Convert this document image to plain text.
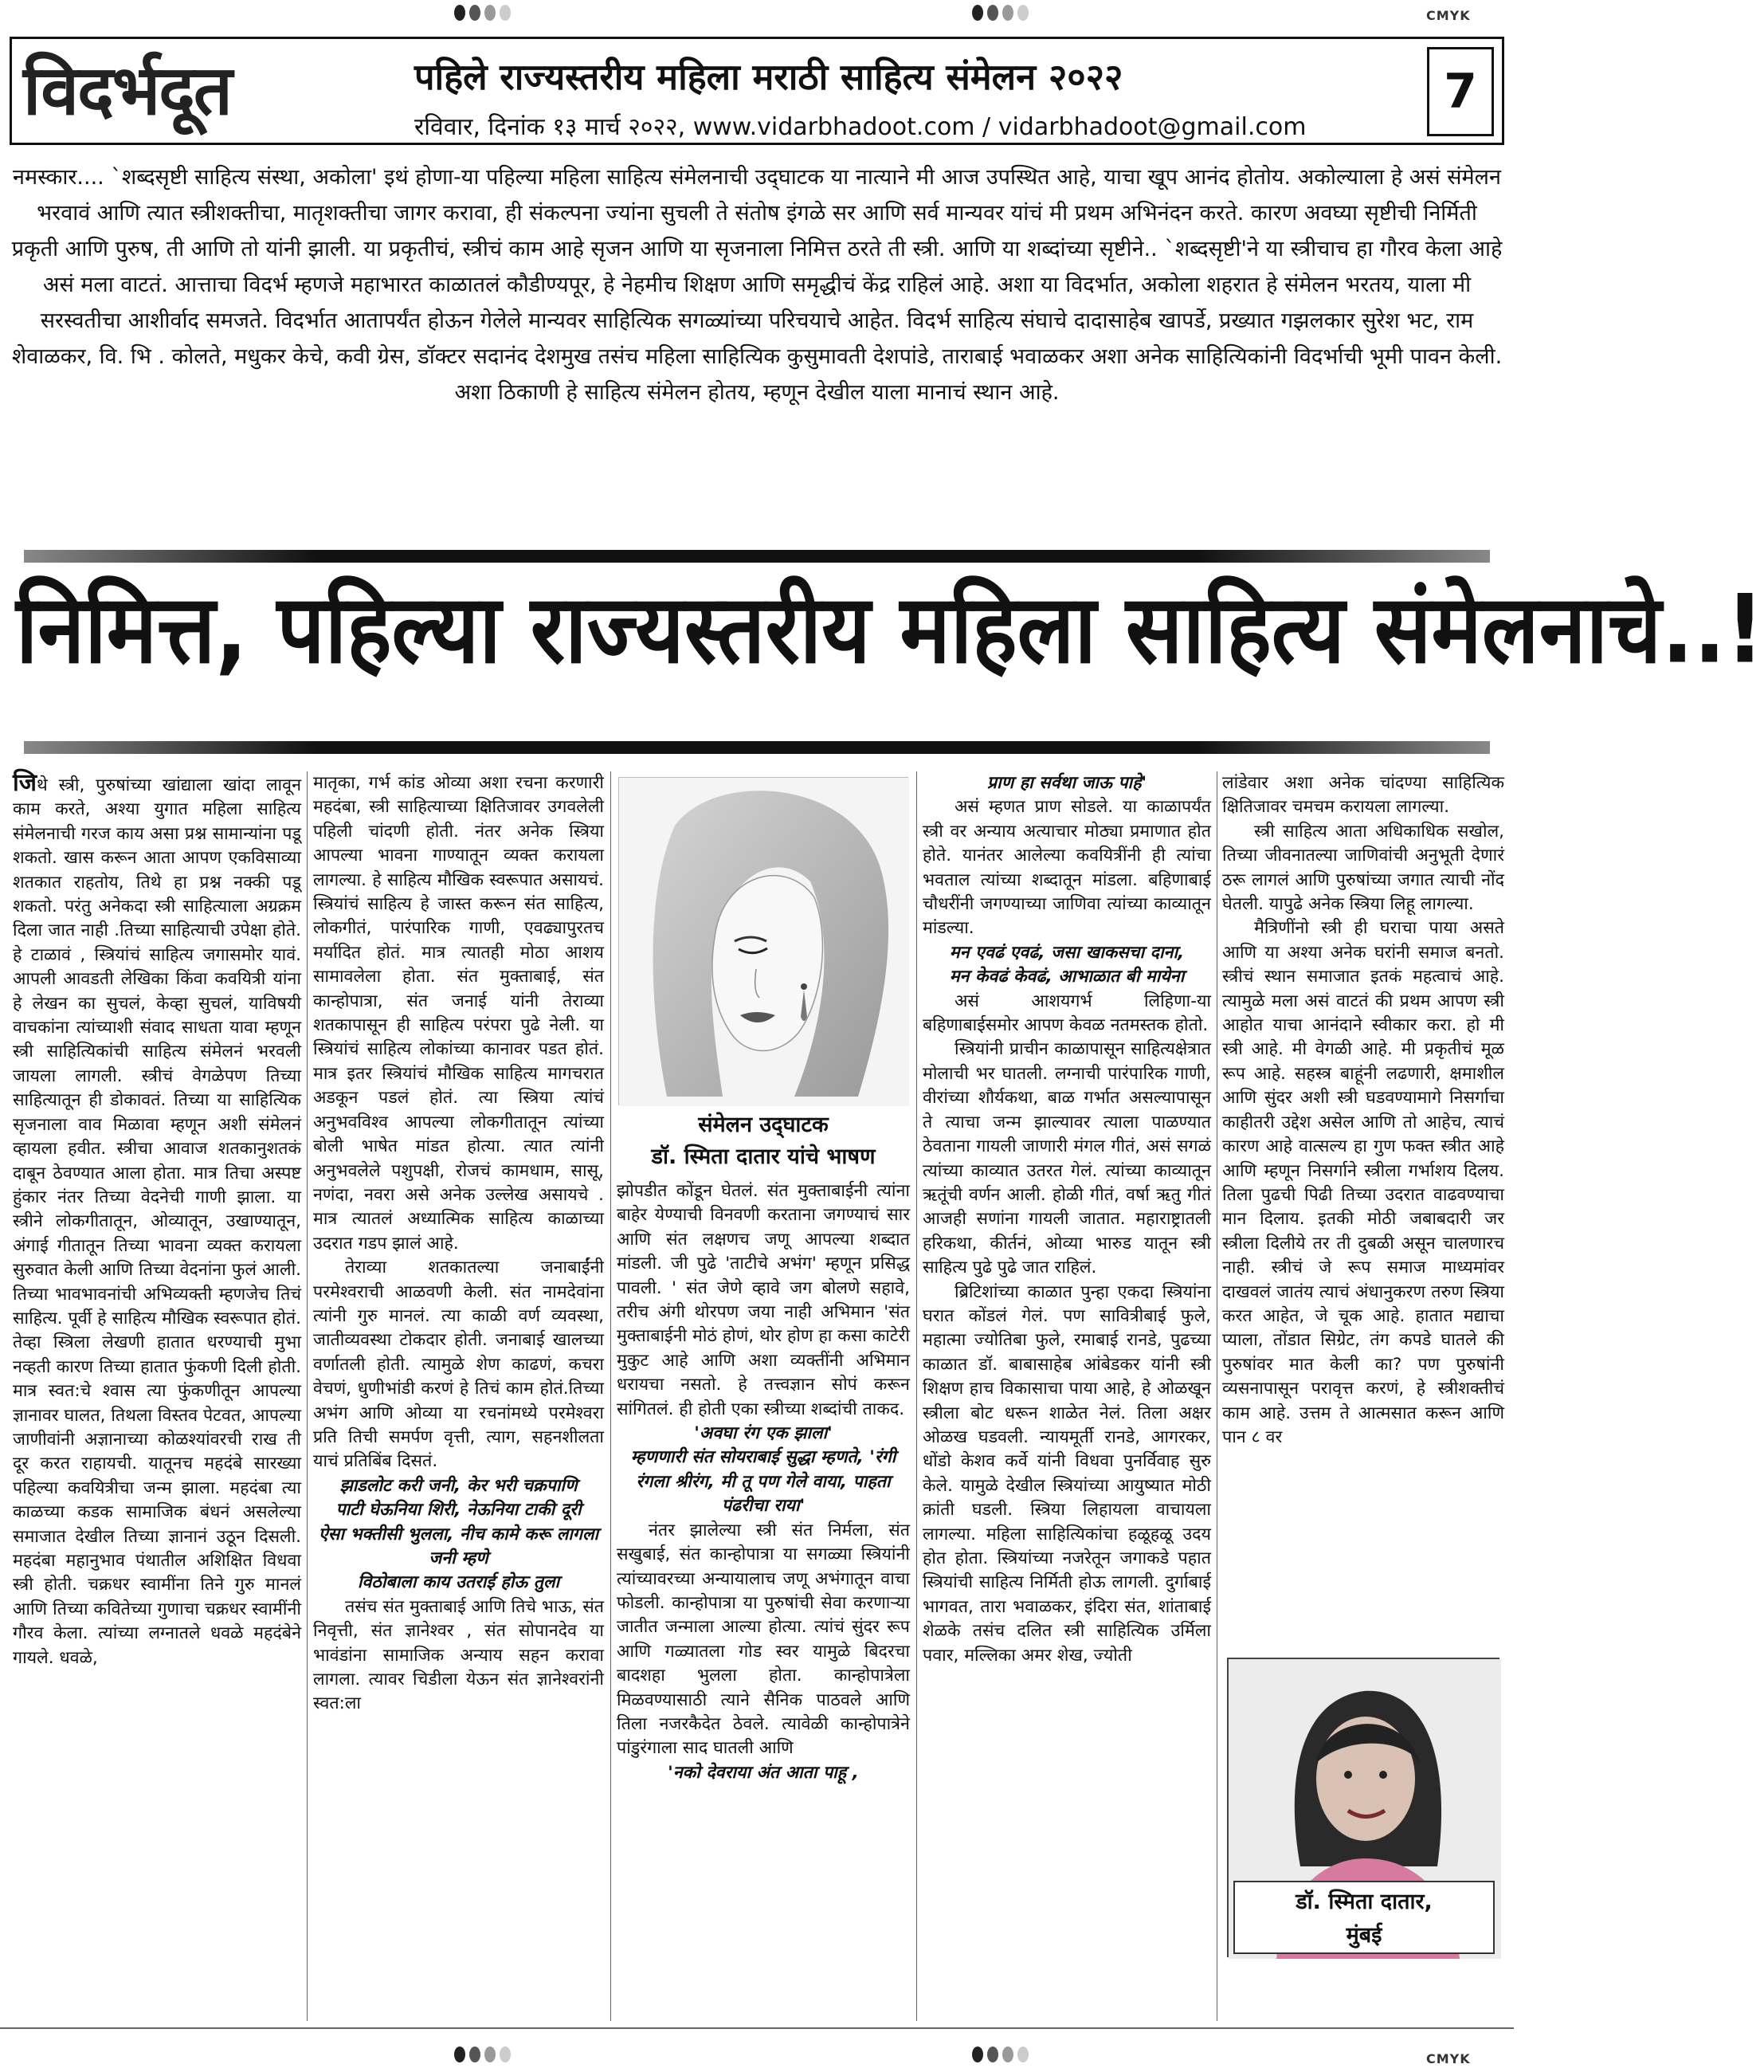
CMYK
विदर्भदूत	पहिले राज्यस्तरीय महिला मराठी साहित्य संमेलन २०२२
रविवार, दिनांक १३ मार्च २०२२, www.vidarbhadoot.com / vidarbhadoot@gmail.com
7
नमस्कार.... `शब्दसृष्टी साहित्य संस्था, अकोला' इथं होणा-या पहिल्या महिला साहित्य संमेलनाची उद्‌घाटक या नात्याने मी आज उपस्थित आहे, याचा खूप आनंद होतोय. अकोल्याला हे असं संमेलन भरवावं आणि त्यात स्त्रीशक्तीचा, मातृशक्तीचा जागर करावा, ही संकल्पना ज्यांना सुचली ते संतोष इंगळे सर आणि सर्व मान्यवर यांचं मी प्रथम अभिनंदन करते. कारण अवघ्या सृष्टीची निर्मिती प्रकृती आणि पुरुष, ती आणि तो यांनी झाली. या प्रकृतीचं, स्त्रीचं काम आहे सृजन आणि या सृजनाला निमित्त ठरते ती स्त्री. आणि या शब्दांच्या सृष्टीने.. `शब्दसृष्टी'ने या स्त्रीचाच हा गौरव केला आहे असं मला वाटतं. आत्ताचा विदर्भ म्हणजे महाभारत काळातलं कौडीण्यपूर, हे नेहमीच शिक्षण आणि समृद्धीचं केंद्र राहिलं आहे. अशा या विदर्भात, अकोला शहरात हे संमेलन भरतय, याला मी सरस्वतीचा आशीर्वाद समजते. विदर्भात आतापर्यंत होऊन गेलेले मान्यवर साहित्यिक सगळ्यांच्या परिचयाचे आहेत. विदर्भ साहित्य संघाचे दादासाहेब खापर्डे, प्रख्यात गझलकार सुरेश भट, राम शेवाळकर, वि. भि . कोलते, मधुकर केचे, कवी ग्रेस, डॉक्टर सदानंद देशमुख तसंच महिला साहित्यिक कुसुमावती देशपांडे, ताराबाई भवाळकर अशा अनेक साहित्यिकांनी विदर्भाची भूमी पावन केली. अशा ठिकाणी हे साहित्य संमेलन होतय, म्हणून देखील याला मानाचं स्थान आहे.
निमित्त, पहिल्या राज्यस्तरीय महिला साहित्य संमेलनाचे..!

जिथे स्त्री, पुरुषांच्या खांद्याला खांदा लावून काम करते, अश्या युगात महिला साहित्य संमेलनाची गरज काय असा प्रश्न सामान्यांना पडू शकतो. खास करून आता आपण एकविसाव्या शतकात राहतोय, तिथे हा प्रश्न नक्की पडू शकतो. परंतु अनेकदा स्त्री साहित्याला अग्रक्रम दिला जात नाही .तिच्या साहित्याची उपेक्षा होते. हे टाळावं , स्त्रियांचं साहित्य जगासमोर यावं. आपली आवडती लेखिका किंवा कवयित्री यांना हे लेखन का सुचलं, केव्हा सुचलं, याविषयी वाचकांना त्यांच्याशी संवाद साधता यावा म्हणून स्त्री साहित्यिकांची साहित्य संमेलनं भरवली जायला लागली. स्त्रीचं वेगळेपण तिच्या साहित्यातून ही डोकावतं. तिच्या या साहित्यिक सृजनाला वाव मिळावा म्हणून अशी संमेलनं व्हायला हवीत. स्त्रीचा आवाज शतकानुशतकं दाबून ठेवण्यात आला होता. मात्र तिचा अस्पष्ट हुंकार नंतर तिच्या वेदनेची गाणी झाला. या स्त्रीने लोकगीतातून, ओव्यातून, उखाण्यातून, अंगाई गीतातून तिच्या भावना व्यक्त करायला सुरुवात केली आणि तिच्या वेदनांना फुलं आली. तिच्या भावभावनांची अभिव्यक्ती म्हणजेच तिचं साहित्य. पूर्वी हे साहित्य मौखिक स्वरूपात होतं. तेव्हा स्त्रिला लेखणी हातात धरण्याची मुभा नव्हती कारण तिच्या हातात फुंकणी दिली होती. मात्र स्वत:चे श्वास त्या फुंकणीतून आपल्या ज्ञानावर घालत, तिथला विस्तव पेटवत, आपल्या जाणीवांनी अज्ञानाच्या कोळश्यांवरची राख ती दूर करत राहायची. यातूनच महदंबे सारख्या पहिल्या कवयित्रीचा जन्म झाला. महदंबा त्या काळच्या कडक सामाजिक बंधनं असलेल्या समाजात देखील तिच्या ज्ञानानं उठून दिसली. महदंबा महानुभाव पंथातील अशिक्षित विधवा स्त्री होती. चक्रधर स्वामींना तिने गुरु मानलं आणि तिच्या कवितेच्या गुणाचा चक्रधर स्वामींनी गौरव केला. त्यांच्या लग्नातले धवळे महदंबेने गायले. धवळे,

मातृका, गर्भ कांड ओव्या अशा रचना करणारी महदंबा, स्त्री साहित्याच्या क्षितिजावर उगवलेली पहिली चांदणी होती. नंतर अनेक स्त्रिया आपल्या भावना गाण्यातून व्यक्त करायला लागल्या. हे साहित्य मौखिक स्वरूपात असायचं. स्त्रियांचं साहित्य हे जास्त करून संत साहित्य, लोकगीतं, पारंपारिक गाणी, एवढ्यापुरतच मर्यादित होतं. मात्र त्यातही मोठा आशय सामावलेला होता. संत मुक्ताबाई, संत कान्होपात्रा, संत जनाई यांनी तेराव्या शतकापासून ही साहित्य परंपरा पुढे नेली. या स्त्रियांचं साहित्य लोकांच्या कानावर पडत होतं. मात्र इतर स्त्रियांचं मौखिक साहित्य मागचरात अडकून पडलं होतं. त्या स्त्रिया त्यांचं अनुभवविश्व आपल्या लोकगीतातून त्यांच्या बोली भाषेत मांडत होत्या. त्यात त्यांनी अनुभवलेले पशुपक्षी, रोजचं कामधाम, सासू, नणंदा, नवरा असे अनेक उल्लेख असायचे . मात्र त्यातलं अध्यात्मिक साहित्य काळाच्या उदरात गडप झालं आहे.

तेराव्या शतकातल्या जनाबाईंनी परमेश्वराची आळवणी केली. संत नामदेवांना त्यांनी गुरु मानलं. त्या काळी वर्ण व्यवस्था, जातीव्यवस्था टोकदार होती. जनाबाई खालच्या वर्णातली होती. त्यामुळे शेण काढणं, कचरा वेचणं, धुणीभांडी करणं हे तिचं काम होतं.तिच्या अभंग आणि ओव्या या रचनांमध्ये परमेश्वरा प्रति तिची समर्पण वृत्ती, त्याग, सहनशीलता याचं प्रतिबिंब दिसतं.

झाडलोट करी जनी, केर भरी चक्रपाणि

पाटी घेऊनिया शिरी, नेऊनिया टाकी दूरी

ऐसा भक्तीसी भुलला, नीच कामे करू लागला जनी म्हणे

विठोबाला काय उतराई होऊ तुला

तसंच संत मुक्ताबाई आणि तिचे भाऊ, संत निवृत्ती, संत ज्ञानेश्वर , संत सोपानदेव या भावंडांना सामाजिक अन्याय सहन करावा लागला. त्यावर चिडीला येऊन संत ज्ञानेश्वरांनी स्वत:ला

संमेलन उद्‌घाटक
डॉ. स्मिता दातार यांचे भाषण

झोपडीत कोंडून घेतलं. संत मुक्ताबाईनी त्यांना बाहेर येण्याची विनवणी करताना जगण्याचं सार आणि संत लक्षणच जणू आपल्या शब्दात मांडली. जी पुढे 'ताटीचे अभंग' म्हणून प्रसिद्ध पावली. ' संत जेणे व्हावे जग बोलणे सहावे, तरीच अंगी थोरपण जया नाही अभिमान 'संत मुक्ताबाईनी मोठं होणं, थोर होण हा कसा काटेरी मुकुट आहे आणि अशा व्यक्तींनी अभिमान धरायचा नसतो. हे तत्त्वज्ञान सोपं करून सांगितलं. ही होती एका स्त्रीच्या शब्दांची ताकद.

'अवघा रंग एक झाला'

म्हणणारी संत सोयराबाई सुद्धा म्हणते, 'रंगी रंगला श्रीरंग, मी तू पण गेले वाया, पाहता पंढरीचा राया'

नंतर झालेल्या स्त्री संत निर्मला, संत सखुबाई, संत कान्होपात्रा या सगळ्या स्त्रियांनी त्यांच्यावरच्या अन्यायालाच जणू अभंगातून वाचा फोडली. कान्होपात्रा या पुरुषांची सेवा करणाऱ्या जातीत जन्माला आल्या होत्या. त्यांचं सुंदर रूप आणि गळ्यातला गोड स्वर यामुळे बिदरचा बादशहा भुलला होता. कान्होपात्रेला मिळवण्यासाठी त्याने सैनिक पाठवले आणि तिला नजरकैदेत ठेवले. त्यावेळी कान्होपात्रेने पांडुरंगाला साद घातली आणि

'नको देवराया अंत आता पाहू ,

प्राण हा सर्वथा जाऊ पाहे'

असं म्हणत प्राण सोडले. या काळापर्यंत स्त्री वर अन्याय अत्याचार मोठ्या प्रमाणात होत होते. यानंतर आलेल्या कवयित्रींनी ही त्यांचा भवताल त्यांच्या शब्दातून मांडला. बहिणाबाई चौधरींनी जगण्याच्या जाणिवा त्यांच्या काव्यातून मांडल्या.

मन एवढं एवढं, जसा खाकसचा दाना,

मन केवढं केवढं, आभाळात बी मायेना

असं आशयगर्भ लिहिणा-या बहिणाबाईसमोर आपण केवळ नतमस्तक होतो.

स्त्रियांनी प्राचीन काळापासून साहित्यक्षेत्रात मोलाची भर घातली. लग्नाची पारंपारिक गाणी, वीरांच्या शौर्यकथा, बाळ गर्भात असल्यापासून ते त्याचा जन्म झाल्यावर त्याला पाळण्यात ठेवताना गायली जाणारी मंगल गीतं, असं सगळं त्यांच्या काव्यात उतरत गेलं. त्यांच्या काव्यातून ऋतूंची वर्णन आली. होळी गीतं, वर्षा ऋतु गीतं आजही सणांना गायली जातात. महाराष्ट्रातली हरिकथा, कीर्तनं, ओव्या भारुड यातून स्त्री साहित्य पुढे पुढे जात राहिलं.

ब्रिटिशांच्या काळात पुन्हा एकदा स्त्रियांना घरात कोंडलं गेलं. पण सावित्रीबाई फुले, महात्मा ज्योतिबा फुले, रमाबाई रानडे, पुढच्या काळात डॉ. बाबासाहेब आंबेडकर यांनी स्त्री शिक्षण हाच विकासाचा पाया आहे, हे ओळखून स्त्रीला बोट धरून शाळेत नेलं. तिला अक्षर ओळख घडवली. न्यायमूर्ती रानडे, आगरकर, धोंडो केशव कर्वे यांनी विधवा पुनर्विवाह सुरु केले. यामुळे देखील स्त्रियांच्या आयुष्यात मोठी क्रांती घडली. स्त्रिया लिहायला वाचायला लागल्या. महिला साहित्यिकांचा हळूहळू उदय होत होता. स्त्रियांच्या नजरेतून जगाकडे पहात स्त्रियांची साहित्य निर्मिती होऊ लागली. दुर्गाबाई भागवत, तारा भवाळकर, इंदिरा संत, शांताबाई शेळके तसंच दलित स्त्री साहित्यिक उर्मिला पवार, मल्लिका अमर शेख, ज्योती

लांडेवार अशा अनेक चांदण्या साहित्यिक क्षितिजावर चमचम करायला लागल्या.

स्त्री साहित्य आता अधिकाधिक सखोल, तिच्या जीवनातल्या जाणिवांची अनुभूती देणारं ठरू लागलं आणि पुरुषांच्या जगात त्याची नोंद घेतली. यापुढे अनेक स्त्रिया लिहू लागल्या.

मैत्रिणींनो स्त्री ही घराचा पाया असते आणि या अश्या अनेक घरांनी समाज बनतो. स्त्रीचं स्थान समाजात इतकं महत्वाचं आहे. त्यामुळे मला असं वाटतं की प्रथम आपण स्त्री आहोत याचा आनंदाने स्वीकार करा. हो मी स्त्री आहे. मी वेगळी आहे. मी प्रकृतीचं मूळ रूप आहे. सहस्त्र बाहूंनी लढणारी, क्षमाशील आणि सुंदर अशी स्त्री घडवण्यामागे निसर्गाचा काहीतरी उद्देश असेल आणि तो आहेच, त्याचं कारण आहे वात्सल्य हा गुण फक्त स्त्रीत आहे आणि म्हणून निसर्गाने स्त्रीला गर्भाशय दिलय. तिला पुढची पिढी तिच्या उदरात वाढवण्याचा मान दिलाय. इतकी मोठी जबाबदारी जर स्त्रीला दिलीये तर ती दुबळी असून चालणारच नाही. स्त्रीचं जे रूप समाज माध्यमांवर दाखवलं जातंय त्याचं अंधानुकरण तरुण स्त्रिया करत आहेत, जे चूक आहे. हातात मद्याचा प्याला, तोंडात सिग्रेट, तंग कपडे घातले की पुरुषांवर मात केली का? पण पुरुषांनी व्यसनापासून परावृत्त करणं, हे स्त्रीशक्तीचं काम आहे. उत्तम ते आत्मसात करून आणि पान ८ वर

डॉ. स्मिता दातार,
मुंबई
CMYK
